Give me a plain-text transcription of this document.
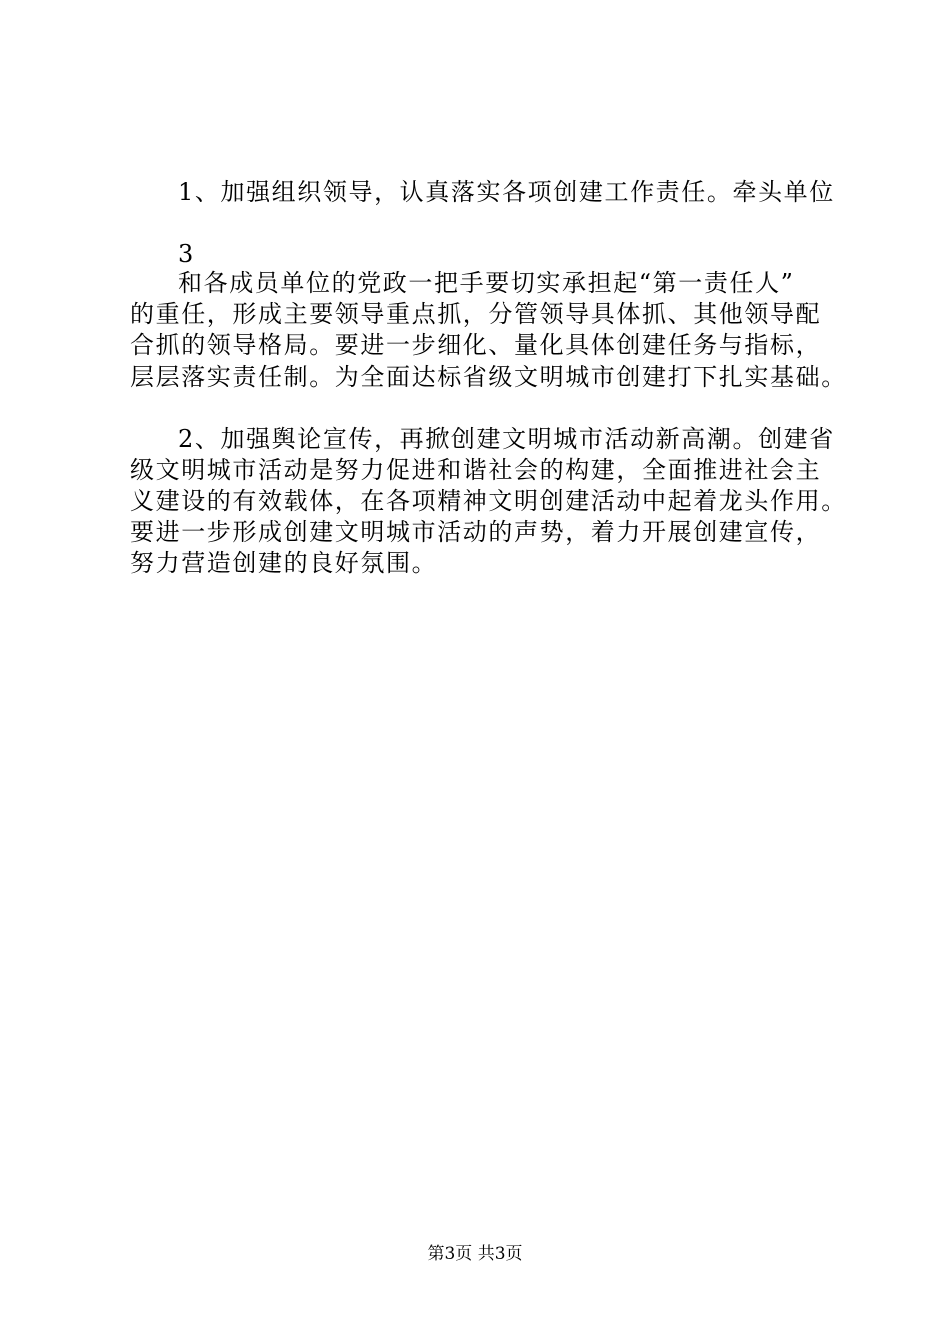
1、加强组织领导，认真落实各项创建工作责任。牵头单位
3
和各成员单位的党政一把手要切实承担起“第一责任人”
的重任，形成主要领导重点抓，分管领导具体抓、其他领导配
合抓的领导格局。要进一步细化、量化具体创建任务与指标，
层层落实责任制。为全面达标省级文明城市创建打下扎实基础。
2、加强舆论宣传，再掀创建文明城市活动新高潮。创建省
级文明城市活动是努力促进和谐社会的构建，全面推进社会主
义建设的有效载体，在各项精神文明创建活动中起着龙头作用。
要进一步形成创建文明城市活动的声势，着力开展创建宣传，
努力营造创建的良好氛围。
第3页 共3页
